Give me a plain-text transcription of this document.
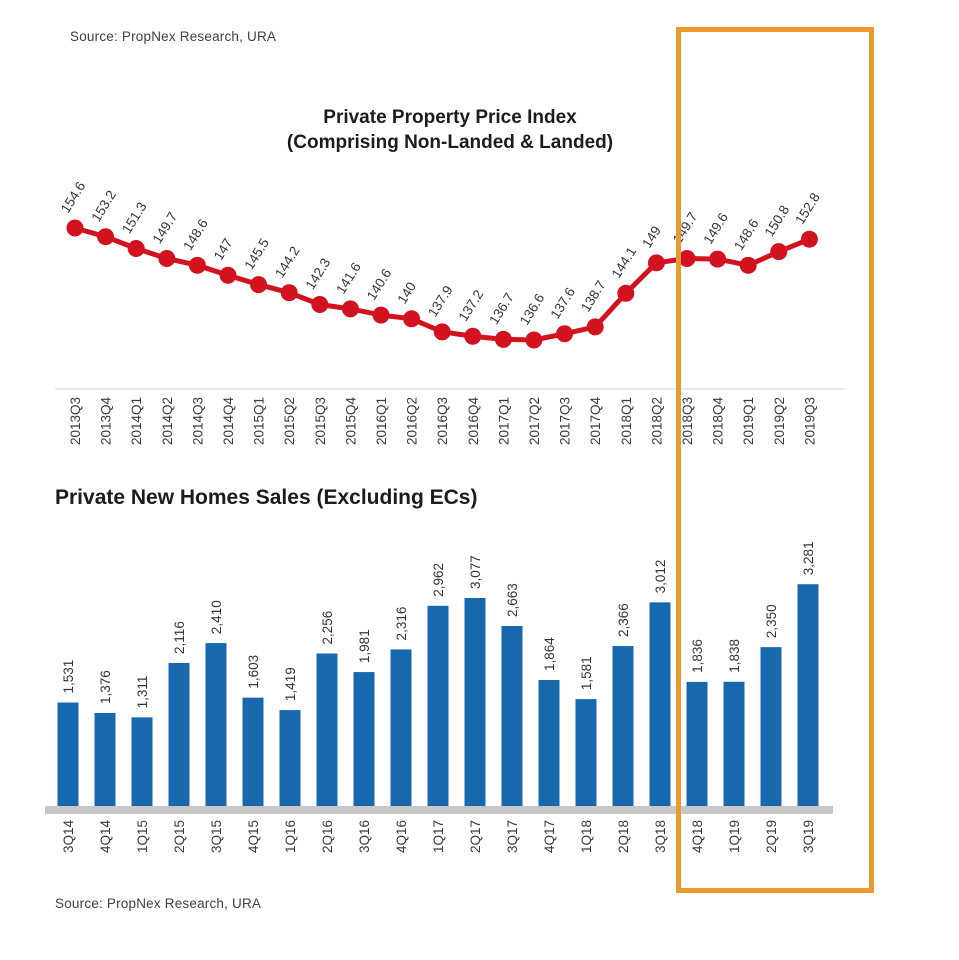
Source: PropNex Research, URA
Private Property Price Index
(Comprising Non-Landed & Landed)
154.6
2013Q3
153.2
2013Q4
151.3
2014Q1
149.7
2014Q2
148.6
2014Q3
147
2014Q4
145.5
2015Q1
144.2
2015Q2
142.3
2015Q3
141.6
2015Q4
140.6
2016Q1
140
2016Q2
137.9
2016Q3
137.2
2016Q4
136.7
2017Q1
136.6
2017Q2
137.6
2017Q3
138.7
2017Q4
144.1
2018Q1
149
2018Q2
149.7
2018Q3
149.6
2018Q4
148.6
2019Q1
150.8
2019Q2
152.8
2019Q3
1,531
3Q14
1,376
4Q14
1,311
1Q15
2,116
2Q15
2,410
3Q15
1,603
4Q15
1,419
1Q16
2,256
2Q16
1,981
3Q16
2,316
4Q16
2,962
1Q17
3,077
2Q17
2,663
3Q17
1,864
4Q17
1,581
1Q18
2,366
2Q18
3,012
3Q18
1,836
4Q18
1,838
1Q19
2,350
2Q19
3,281
3Q19
Private New Homes Sales (Excluding ECs)
Source: PropNex Research, URA
